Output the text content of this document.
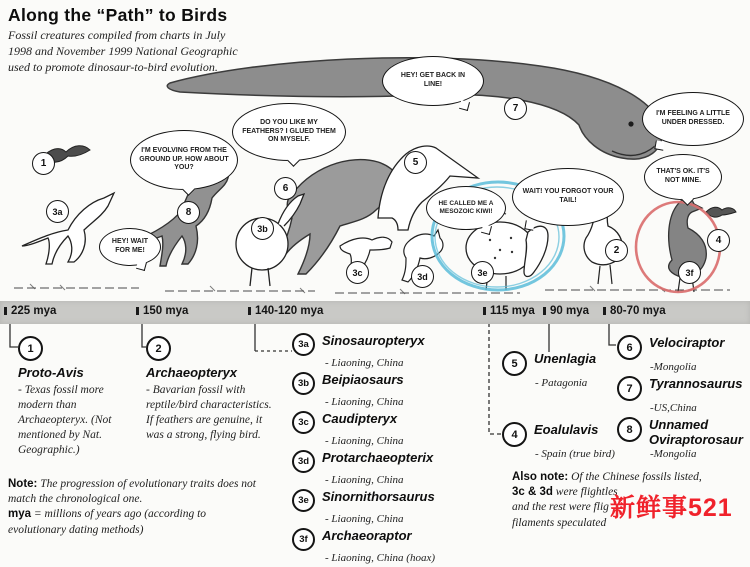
Along the “Path” to Birds
Fossil creatures compiled from charts in July 1998 and November 1999 National Geographic used to promote dinosaur-to-bird evolution.
I'M EVOLVING FROM THE GROUND UP. HOW ABOUT YOU?
DO YOU LIKE MY FEATHERS? I GLUED THEM ON MYSELF.
HEY! GET BACK IN LINE!
I'M FEELING A LITTLE UNDER DRESSED.
WAIT! YOU FORGOT YOUR TAIL!
HE CALLED ME A MESOZOIC KIWI!
THAT'S OK. IT'S NOT MINE.
HEY! WAIT FOR ME!
1
3a	8
3b
6
5
7
3c	3d	3e
2
3f
4
225 mya	150 mya	140-120 mya	115 mya 90 mya 80-70 mya
1
Proto-Avis
- Texas fossil more modern than Archaeopteryx. (Not mentioned by Nat. Geographic.)
2
Archaeopteryx
- Bavarian fossil with reptile/bird characteristics. If feathers are genuine, it was a strong, flying bird.
3a	Sinosauropteryx
- Liaoning, China
3b Beipiaosaurs
- Liaoning, China
3c	Caudipteryx
- Liaoning, China
3d Protarchaeopterix
- Liaoning, China
3e	Sinornithorsaurus
- Liaoning, China
3f	Archaeoraptor
- Liaoning, China (hoax)
5	Unenlagia
- Patagonia
4	Eoalulavis
- Spain (true bird)
6	Velociraptor
-Mongolia
7	Tyrannosaurus
-US,China
8	Unnamed Oviraptorosaur
-Mongolia
Note: The progression of evolutionary traits does not match the chronological one.
mya = millions of years ago (according to evolutionary dating methods)
Also note: Of the Chinese fossils listed,
3c & 3d were flightles
and the rest were flig
filaments speculated
新鲜事521
